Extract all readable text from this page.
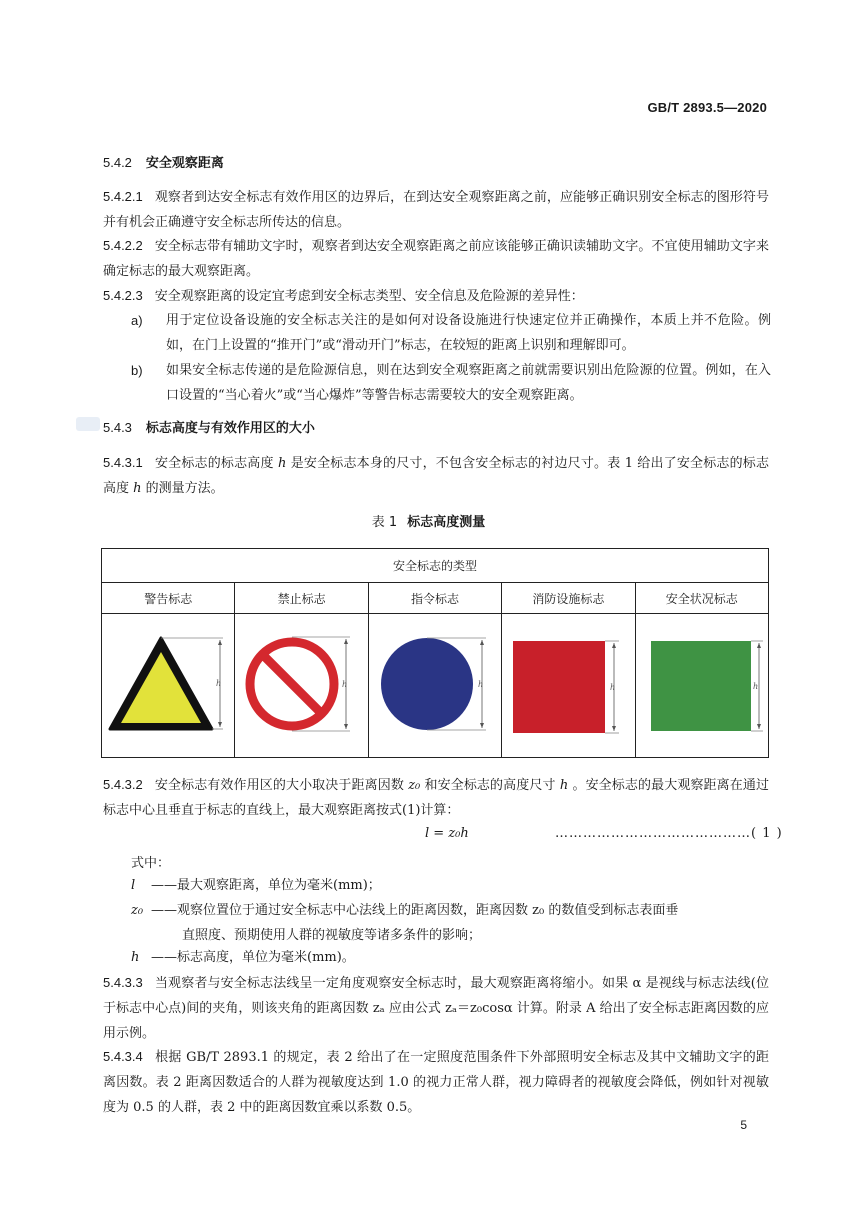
GB/T 2893.5—2020
5.4.2 安全观察距离
5.4.2.1 观察者到达安全标志有效作用区的边界后，在到达安全观察距离之前，应能够正确识别安全标志的图形符号并有机会正确遵守安全标志所传达的信息。
5.4.2.2 安全标志带有辅助文字时，观察者到达安全观察距离之前应该能够正确识读辅助文字。不宜使用辅助文字来确定标志的最大观察距离。
5.4.2.3 安全观察距离的设定宜考虑到安全标志类型、安全信息及危险源的差异性：
a) 用于定位设备设施的安全标志关注的是如何对设备设施进行快速定位并正确操作，本质上并不危险。例如，在门上设置的“推开门”或“滑动开门”标志，在较短的距离上识别和理解即可。
b) 如果安全标志传递的是危险源信息，则在达到安全观察距离之前就需要识别出危险源的位置。例如，在入口设置的“当心着火”或“当心爆炸”等警告标志需要较大的安全观察距离。
5.4.3 标志高度与有效作用区的大小
5.4.3.1 安全标志的标志高度 h 是安全标志本身的尺寸，不包含安全标志的衬边尺寸。表 1 给出了安全标志的标志高度 h 的测量方法。
表 1 标志高度测量
安全标志的类型				
警告标志	禁止标志	指令标志	消防设施标志	安全状况标志

h	h	h	h	h
5.4.3.2 安全标志有效作用区的大小取决于距离因数 z₀ 和安全标志的高度尺寸 h 。安全标志的最大观察距离在通过标志中心且垂直于标志的直线上，最大观察距离按式(1)计算：
l = z₀h	……………………………………( 1 )
式中：
l ——最大观察距离，单位为毫米(mm)；
z₀ ——观察位置位于通过安全标志中心法线上的距离因数，距离因数 z₀ 的数值受到标志表面垂
直照度、预期使用人群的视敏度等诸多条件的影响；
h ——标志高度，单位为毫米(mm)。
5.4.3.3 当观察者与安全标志法线呈一定角度观察安全标志时，最大观察距离将缩小。如果 α 是视线与标志法线(位于标志中心点)间的夹角，则该夹角的距离因数 zₐ 应由公式 zₐ＝z₀cosα 计算。附录 A 给出了安全标志距离因数的应用示例。
5.4.3.4 根据 GB/T 2893.1 的规定，表 2 给出了在一定照度范围条件下外部照明安全标志及其中文辅助文字的距离因数。表 2 距离因数适合的人群为视敏度达到 1.0 的视力正常人群，视力障碍者的视敏度会降低，例如针对视敏度为 0.5 的人群，表 2 中的距离因数宜乘以系数 0.5。
5
